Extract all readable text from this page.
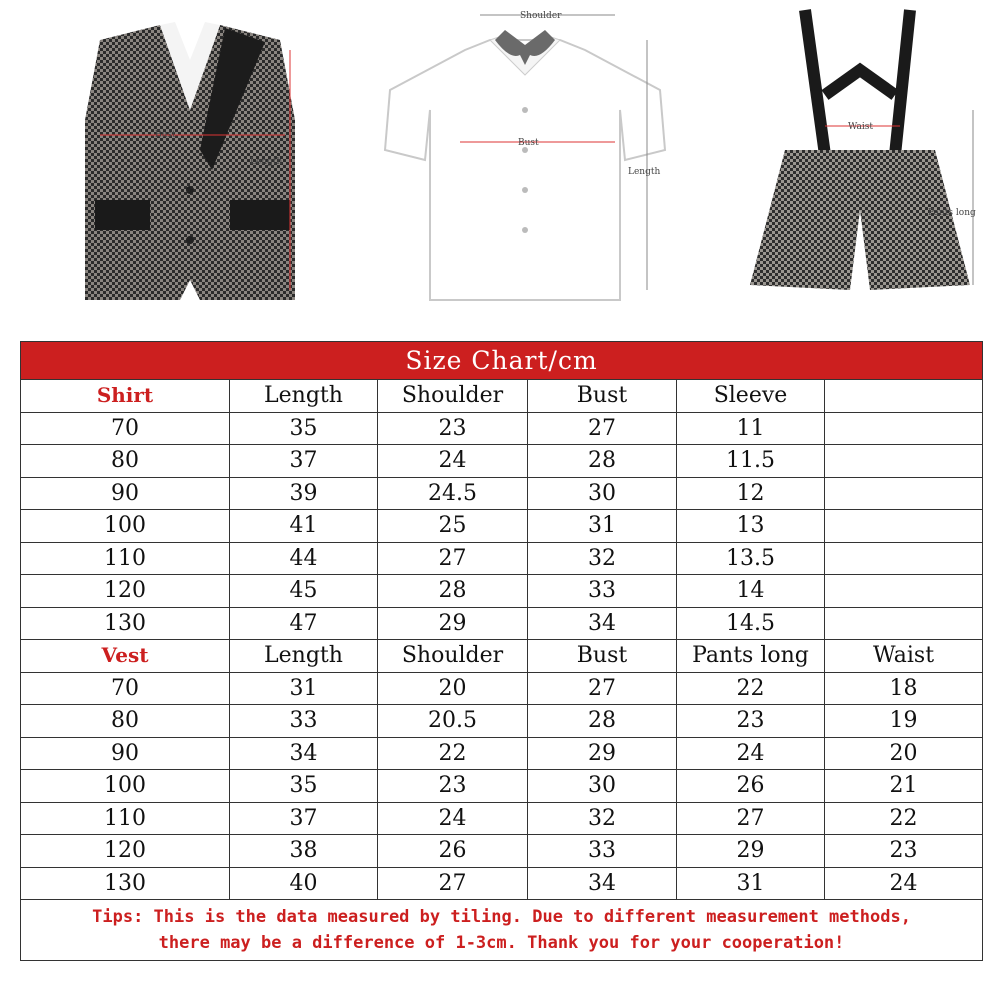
Bust
Length
Shoulder
Bust
Length
Waist
Pants long
Size Chart/cm					
Shirt	Length	Shoulder	Bust	Sleeve	
70	35	23	27	11	
80	37	24	28	11.5	
90	39	24.5	30	12	
100	41	25	31	13	
110	44	27	32	13.5	
120	45	28	33	14	
130	47	29	34	14.5	
Vest	Length	Shoulder	Bust	Pants long	Waist
70	31	20	27	22	18
80	33	20.5	28	23	19
90	34	22	29	24	20
100	35	23	30	26	21
110	37	24	32	27	22
120	38	26	33	29	23
130	40	27	34	31	24

Tips: This is the data measured by tiling. Due to different measurement methods,
there may be a difference of 1-3cm. Thank you for your cooperation!					
